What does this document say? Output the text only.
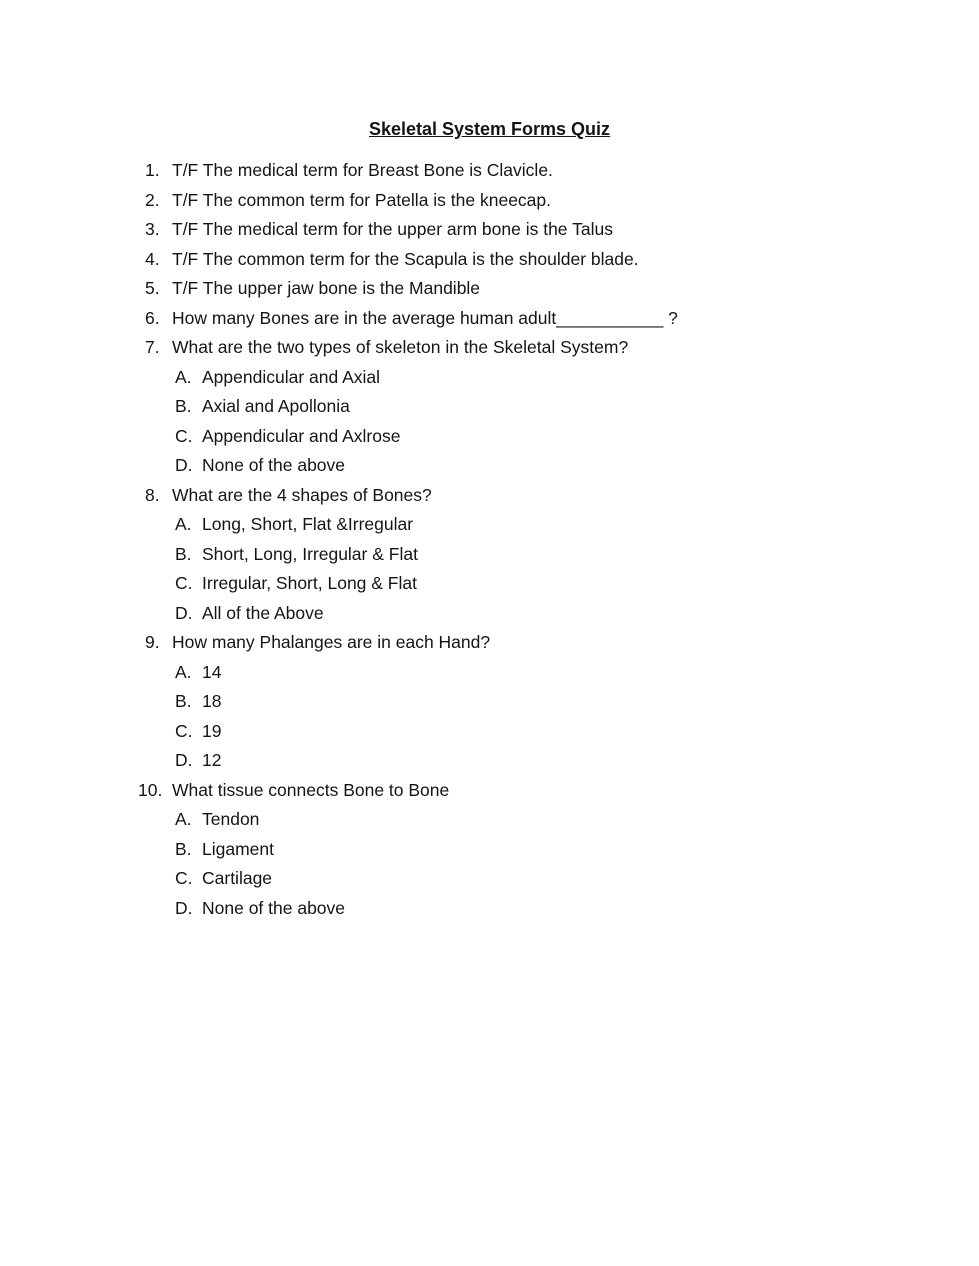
Skeletal System Forms Quiz
1. T/F The medical term for Breast Bone is Clavicle.
2. T/F The common term for Patella is the kneecap.
3. T/F The medical term for the upper arm bone is the Talus
4. T/F The common term for the Scapula is the shoulder blade.
5. T/F The upper jaw bone is the Mandible
6. How many Bones are in the average human adult___________ ?
7. What are the two types of skeleton in the Skeletal System?
A. Appendicular and Axial
B. Axial and Apollonia
C. Appendicular and Axlrose
D. None of the above
8. What are the 4 shapes of Bones?
A. Long, Short, Flat &Irregular
B. Short, Long, Irregular & Flat
C. Irregular, Short, Long & Flat
D. All of the Above
9. How many Phalanges are in each Hand?
A. 14
B. 18
C. 19
D. 12
10. What tissue connects Bone to Bone
A. Tendon
B. Ligament
C. Cartilage
D. None of the above
